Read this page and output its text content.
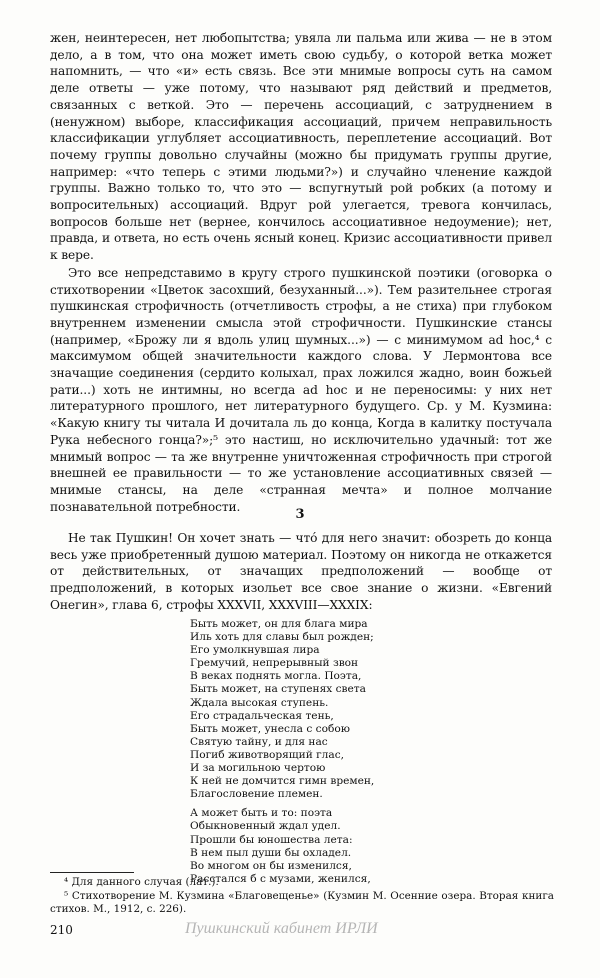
жен, неинтересен, нет любопытства; увяла ли пальма или жива — не в этом дело, а в том, что она может иметь свою судьбу, о которой ветка может напомнить, — что «и» есть связь. Все эти мнимые вопросы суть на самом деле ответы — уже потому, что называют ряд действий и предметов, связанных с веткой. Это — перечень ассоциаций, с затруднением в (ненужном) выборе, классификация ассоциаций, причем неправильность классификации углубляет ассоциативность, переплетение ассоциаций. Вот почему группы довольно случайны (можно бы придумать группы другие, например: «что теперь с этими людьми?») и случайно членение каждой группы. Важно только то, что это — вспугнутый рой робких (а потому и вопросительных) ассоциаций. Вдруг рой улегается, тревога кончилась, вопросов больше нет (вернее, кончилось ассоциативное недоумение); нет, правда, и ответа, но есть очень ясный конец. Кризис ассоциативности привел к вере.

Это все непредставимо в кругу строго пушкинской поэтики (оговорка о стихотворении «Цветок засохший, безуханный...»). Тем разительнее строгая пушкинская строфичность (отчетливость строфы, а не стиха) при глубоком внутреннем изменении смысла этой строфичности. Пушкинские стансы (например, «Брожу ли я вдоль улиц шумных...») — с минимумом ad hoc,⁴ с максимумом общей значительности каждого слова. У Лермонтова все значащие соединения (сердито колыхал, прах ложился жадно, воин божьей рати...) хоть не интимны, но всегда ad hoc и не переносимы: у них нет литературного прошлого, нет литературного будущего. Ср. у М. Кузмина: «Какую книгу ты читала И дочитала ль до конца, Когда в калитку постучала Рука небесного гонца?»;⁵ это настиш, но исключительно удачный: тот же мнимый вопрос — та же внутренне уничтоженная строфичность при строгой внешней ее правильности — то же установление ассоциативных связей — мнимые стансы, на деле «странная мечта» и полное молчание познавательной потребности.

3

Не так Пушкин! Он хочет знать — чтó для него значит: обозреть до конца весь уже приобретенный душою материал. Поэтому он никогда не откажется от действительных, от значащих предположений — вообще от предположений, в которых изольет все свое знание о жизни. «Евгений Онегин», глава 6, строфы XXXVII, XXXVIII—XXXIX:

Быть может, он для блага мира
Иль хоть для славы был рожден;
Его умолкнувшая лира
Гремучий, непрерывный звон
В веках поднять могла. Поэта,
Быть может, на ступенях света
Ждала высокая ступень.
Его страдальческая тень,
Быть может, унесла с собою
Святую тайну, и для нас
Погиб животворящий глас,
И за могильною чертою
К ней не домчится гимн времен,
Благословение племен.
А может быть и то: поэта
Обыкновенный ждал удел.
Прошли бы юношества лета:
В нем пыл души бы охладел.
Во многом он бы изменился,
Расстался б с музами, женился,

⁴ Для данного случая (лат.).

⁵ Стихотворение М. Кузмина «Благовещенье» (Кузмин М. Осенние озера. Вторая книга стихов. М., 1912, с. 226).

210	Пушкинский кабинет ИРЛИ
